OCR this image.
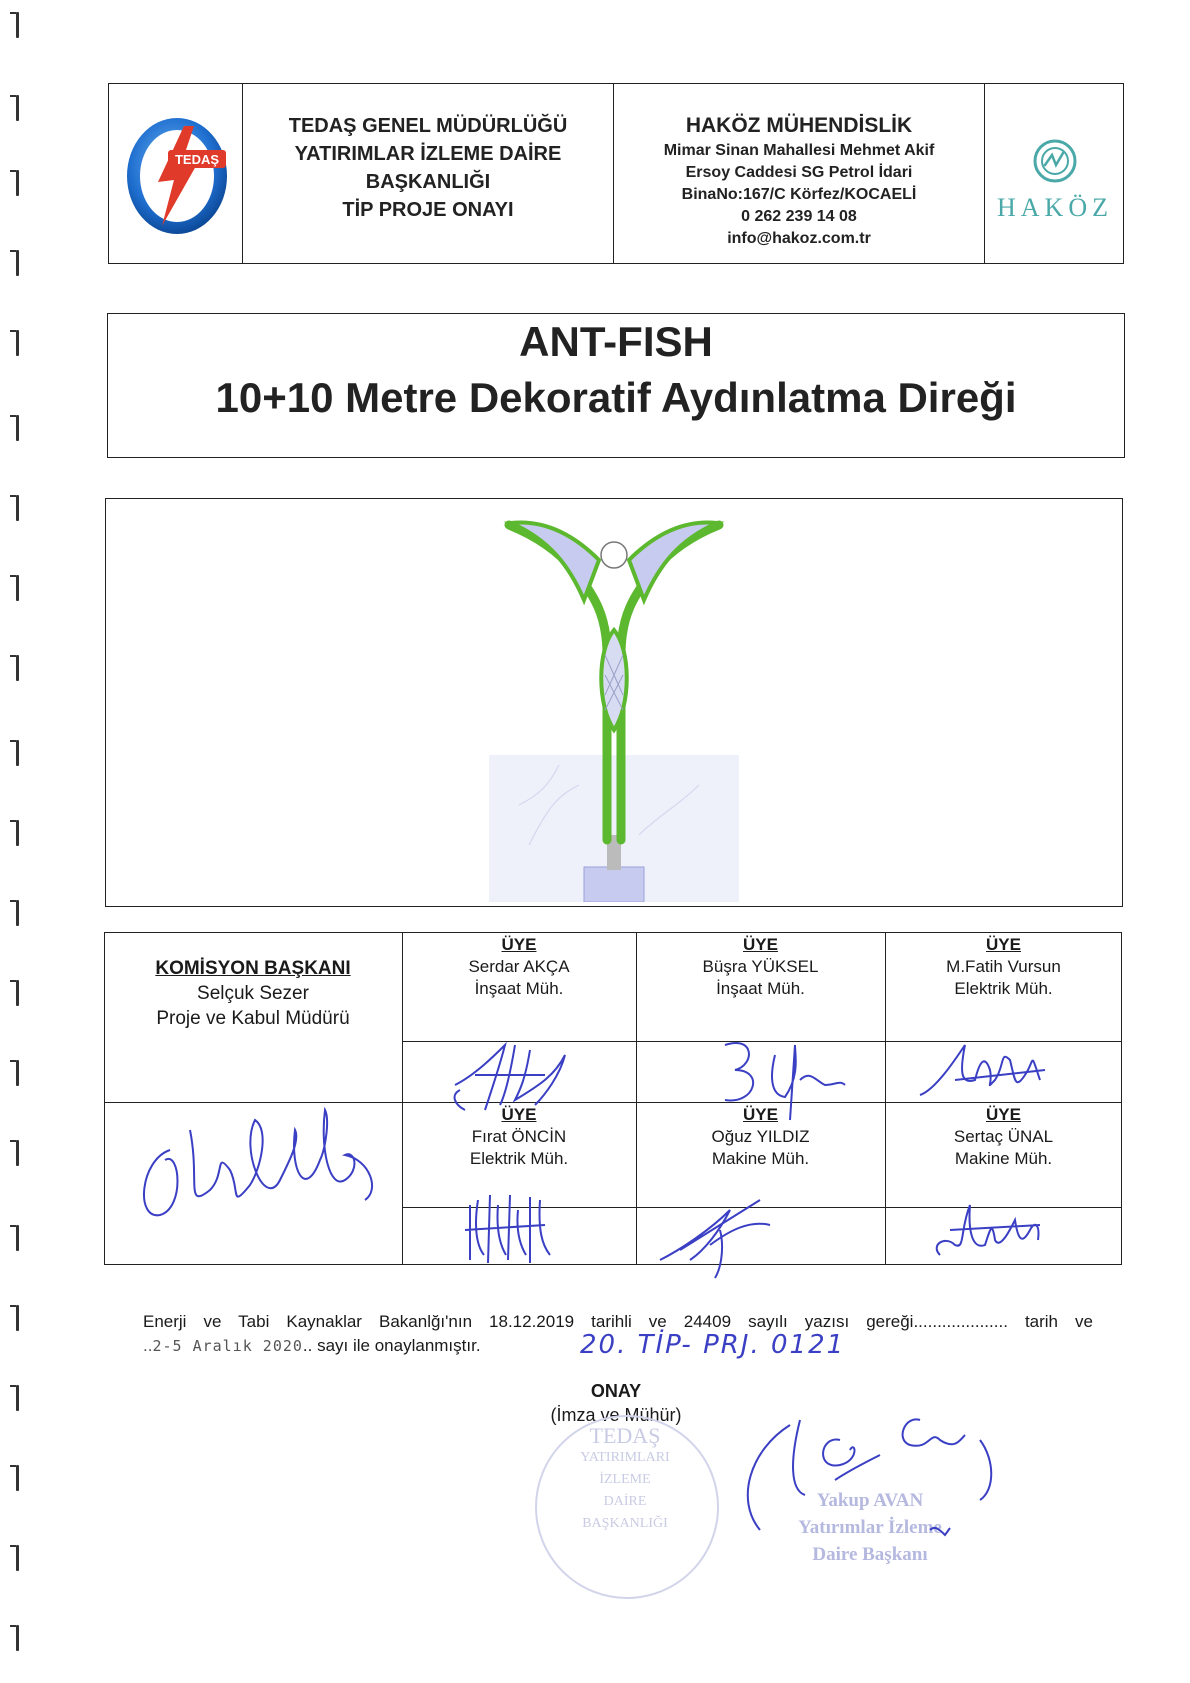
TEDAŞ
TEDAŞ GENEL MÜDÜRLÜĞÜ
YATIRIMLAR İZLEME DAİRE
BAŞKANLIĞI
TİP PROJE ONAYI
HAKÖZ MÜHENDİSLİK
Mimar Sinan Mahallesi Mehmet Akif
Ersoy Caddesi SG Petrol İdari
BinaNo:167/C Körfez/KOCAELİ
0 262 239 14 08
info@hakoz.com.tr
HAKÖZ
ANT-FISH
10+10 Metre Dekoratif Aydınlatma Direği
KOMİSYON BAŞKANI
Selçuk Sezer
Proje ve Kabul Müdürü
ÜYE
Serdar AKÇA
İnşaat Müh.
ÜYE
Büşra YÜKSEL
İnşaat Müh.
ÜYE
M.Fatih Vursun
Elektrik Müh.
ÜYE
Fırat ÖNCİN
Elektrik Müh.
ÜYE
Oğuz YILDIZ
Makine Müh.
ÜYE
Sertaç ÜNAL
Makine Müh.
Enerji ve Tabi Kaynaklar Bakanlğı'nın 18.12.2019 tarihli ve 24409 sayılı yazısı gereği.................... tarih ve
..2-5 Aralık 2020.. sayı ile onaylanmıştır.	20. TİP- PRJ. 0121
ONAY
(İmza ve Mühür)
TEDAŞ
YATIRIMLARI
İZLEME
DAİRE
BAŞKANLIĞI
Yakup AVAN
Yatırımlar İzleme
Daire Başkanı
